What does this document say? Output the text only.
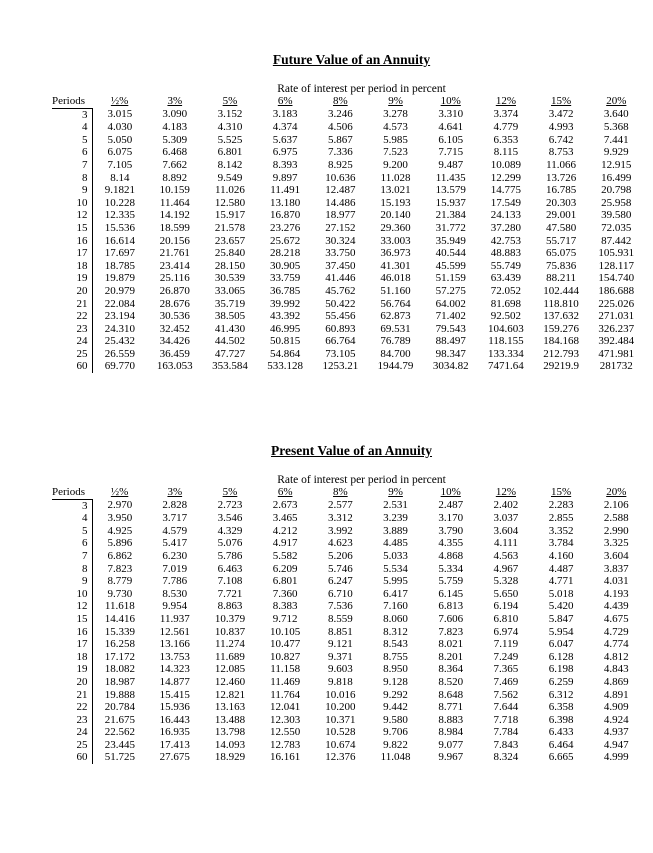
Future Value of an Annuity
Rate of interest per period in percent
Periods	½%	3%	5%	6%	8%	9%	10%	12%	15%	20%
3	3.015	3.090	3.152	3.183	3.246	3.278	3.310	3.374	3.472	3.640
4	4.030	4.183	4.310	4.374	4.506	4.573	4.641	4.779	4.993	5.368
5	5.050	5.309	5.525	5.637	5.867	5.985	6.105	6.353	6.742	7.441
6	6.075	6.468	6.801	6.975	7.336	7.523	7.715	8.115	8.753	9.929
7	7.105	7.662	8.142	8.393	8.925	9.200	9.487	10.089	11.066	12.915
8	8.14	8.892	9.549	9.897	10.636	11.028	11.435	12.299	13.726	16.499
9	9.1821	10.159	11.026	11.491	12.487	13.021	13.579	14.775	16.785	20.798
10	10.228	11.464	12.580	13.180	14.486	15.193	15.937	17.549	20.303	25.958
12	12.335	14.192	15.917	16.870	18.977	20.140	21.384	24.133	29.001	39.580
15	15.536	18.599	21.578	23.276	27.152	29.360	31.772	37.280	47.580	72.035
16	16.614	20.156	23.657	25.672	30.324	33.003	35.949	42.753	55.717	87.442
17	17.697	21.761	25.840	28.218	33.750	36.973	40.544	48.883	65.075	105.931
18	18.785	23.414	28.150	30.905	37.450	41.301	45.599	55.749	75.836	128.117
19	19.879	25.116	30.539	33.759	41.446	46.018	51.159	63.439	88.211	154.740
20	20.979	26.870	33.065	36.785	45.762	51.160	57.275	72.052	102.444	186.688
21	22.084	28.676	35.719	39.992	50.422	56.764	64.002	81.698	118.810	225.026
22	23.194	30.536	38.505	43.392	55.456	62.873	71.402	92.502	137.632	271.031
23	24.310	32.452	41.430	46.995	60.893	69.531	79.543	104.603	159.276	326.237
24	25.432	34.426	44.502	50.815	66.764	76.789	88.497	118.155	184.168	392.484
25	26.559	36.459	47.727	54.864	73.105	84.700	98.347	133.334	212.793	471.981
60	69.770	163.053	353.584	533.128	1253.21	1944.79	3034.82	7471.64	29219.9	281732
Present Value of an Annuity
Rate of interest per period in percent
Periods	½%	3%	5%	6%	8%	9%	10%	12%	15%	20%
3	2.970	2.828	2.723	2.673	2.577	2.531	2.487	2.402	2.283	2.106
4	3.950	3.717	3.546	3.465	3.312	3.239	3.170	3.037	2.855	2.588
5	4.925	4.579	4.329	4.212	3.992	3.889	3.790	3.604	3.352	2.990
6	5.896	5.417	5.076	4.917	4.623	4.485	4.355	4.111	3.784	3.325
7	6.862	6.230	5.786	5.582	5.206	5.033	4.868	4.563	4.160	3.604
8	7.823	7.019	6.463	6.209	5.746	5.534	5.334	4.967	4.487	3.837
9	8.779	7.786	7.108	6.801	6.247	5.995	5.759	5.328	4.771	4.031
10	9.730	8.530	7.721	7.360	6.710	6.417	6.145	5.650	5.018	4.193
12	11.618	9.954	8.863	8.383	7.536	7.160	6.813	6.194	5.420	4.439
15	14.416	11.937	10.379	9.712	8.559	8.060	7.606	6.810	5.847	4.675
16	15.339	12.561	10.837	10.105	8.851	8.312	7.823	6.974	5.954	4.729
17	16.258	13.166	11.274	10.477	9.121	8.543	8.021	7.119	6.047	4.774
18	17.172	13.753	11.689	10.827	9.371	8.755	8.201	7.249	6.128	4.812
19	18.082	14.323	12.085	11.158	9.603	8.950	8.364	7.365	6.198	4.843
20	18.987	14.877	12.460	11.469	9.818	9.128	8.520	7.469	6.259	4.869
21	19.888	15.415	12.821	11.764	10.016	9.292	8.648	7.562	6.312	4.891
22	20.784	15.936	13.163	12.041	10.200	9.442	8.771	7.644	6.358	4.909
23	21.675	16.443	13.488	12.303	10.371	9.580	8.883	7.718	6.398	4.924
24	22.562	16.935	13.798	12.550	10.528	9.706	8.984	7.784	6.433	4.937
25	23.445	17.413	14.093	12.783	10.674	9.822	9.077	7.843	6.464	4.947
60	51.725	27.675	18.929	16.161	12.376	11.048	9.967	8.324	6.665	4.999
